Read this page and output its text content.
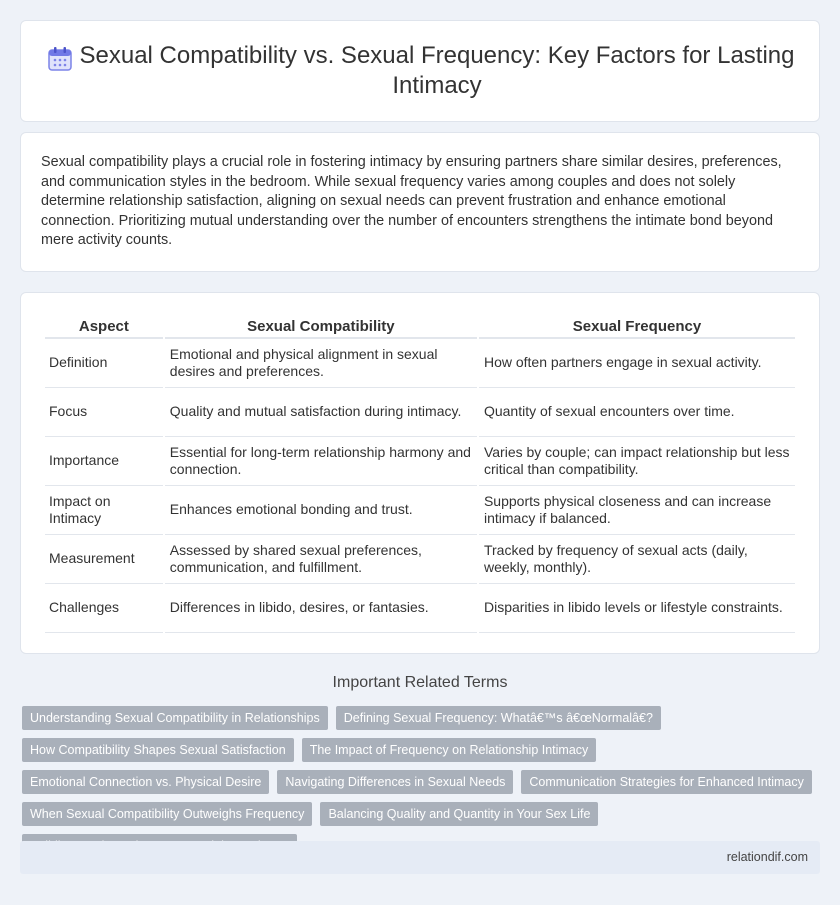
Sexual Compatibility vs. Sexual Frequency: Key Factors for Lasting Intimacy

Sexual compatibility plays a crucial role in fostering intimacy by ensuring partners share similar desires, preferences, and communication styles in the bedroom. While sexual frequency varies among couples and does not solely determine relationship satisfaction, aligning on sexual needs can prevent frustration and enhance emotional connection. Prioritizing mutual understanding over the number of encounters strengthens the intimate bond beyond mere activity counts.

Aspect	Sexual Compatibility	Sexual Frequency
Definition	Emotional and physical alignment in sexual desires and preferences.	How often partners engage in sexual activity.
Focus	Quality and mutual satisfaction during intimacy.	Quantity of sexual encounters over time.
Importance	Essential for long-term relationship harmony and connection.	Varies by couple; can impact relationship but less critical than compatibility.
Impact on Intimacy	Enhances emotional bonding and trust.	Supports physical closeness and can increase intimacy if balanced.
Measurement	Assessed by shared sexual preferences, communication, and fulfillment.	Tracked by frequency of sexual acts (daily, weekly, monthly).
Challenges	Differences in libido, desires, or fantasies.	Disparities in libido levels or lifestyle constraints.
Important Related Terms
Understanding Sexual Compatibility in Relationships	Defining Sexual Frequency: Whatâ€™s â€œNormalâ€?
How Compatibility Shapes Sexual Satisfaction	The Impact of Frequency on Relationship Intimacy
Emotional Connection vs. Physical Desire	Navigating Differences in Sexual Needs	Communication Strategies for Enhanced Intimacy
When Sexual Compatibility Outweighs Frequency	Balancing Quality and Quantity in Your Sex Life
relationdif.com
